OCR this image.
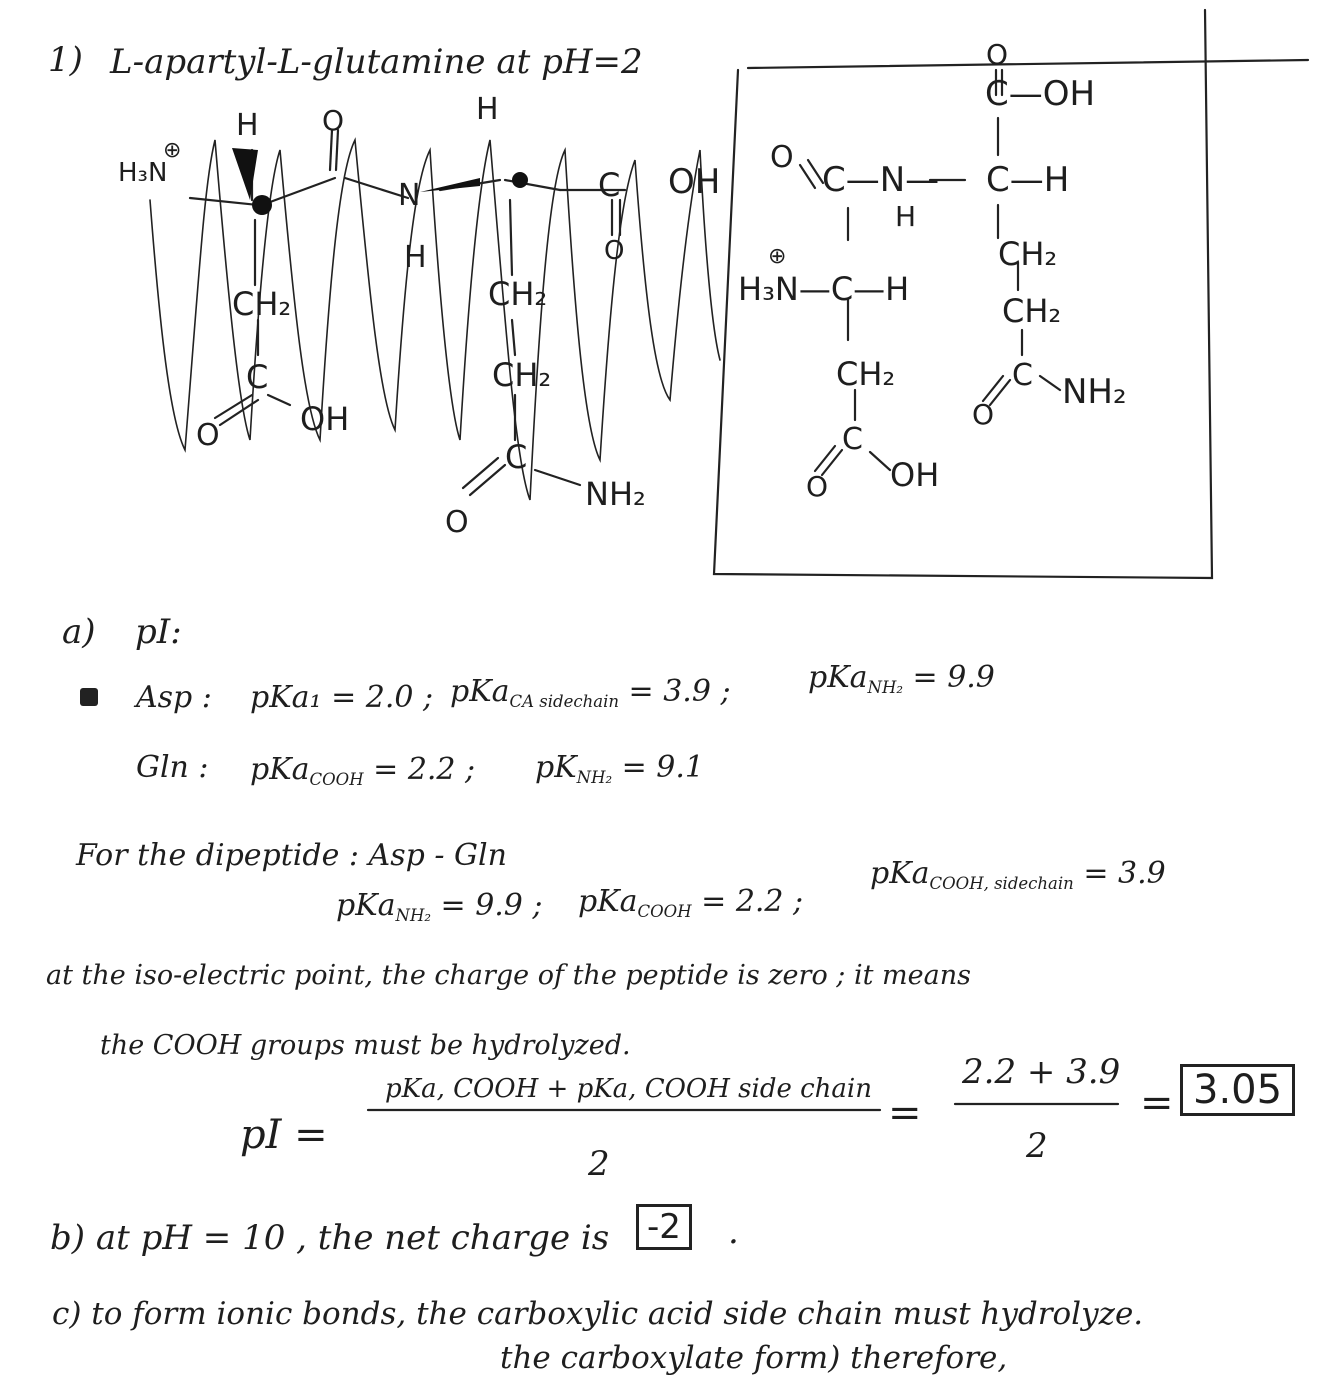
1) L-apartyl-L-glutamine at pH=2
H₃N
⊕
H O	H
N
H
C OH
O
CH₂
C
O	OH
CH₂
CH₂
C
O
NH₂
O
C—OH
O
C—N—
H
C—H
⊕
H₃N—C—H
CH₂
CH₂
CH₂	C NH₂
O
C
O OH
a) pI:
Asp : pKa₁ = 2.0 ; pKa$_{CA sidechain}$ = 3.9 ;	pKa$_{NH_2}$ = 9.9
Gln : pKa$_{COOH}$ = 2.2 ; $pK_{NH_2} = 9.1$
For the dipeptide : Asp - Gln
pKa$_{NH_2}$ = 9.9 ; pKa$_{COOH}$ = 2.2 ;
pKa$_{COOH, sidechain}$ = 3.9
at the iso-electric point, the charge of the peptide is zero ; it means
the COOH groups must be hydrolyzed.
pI =
pKa, COOH + pKa, COOH side chain
2
=
2.2 + 3.9
2
= 3.05
b) at pH = 10 , the net charge is	-2	.
c) to form ionic bonds, the carboxylic acid side chain must hydrolyze.
the carboxylate form) therefore,
